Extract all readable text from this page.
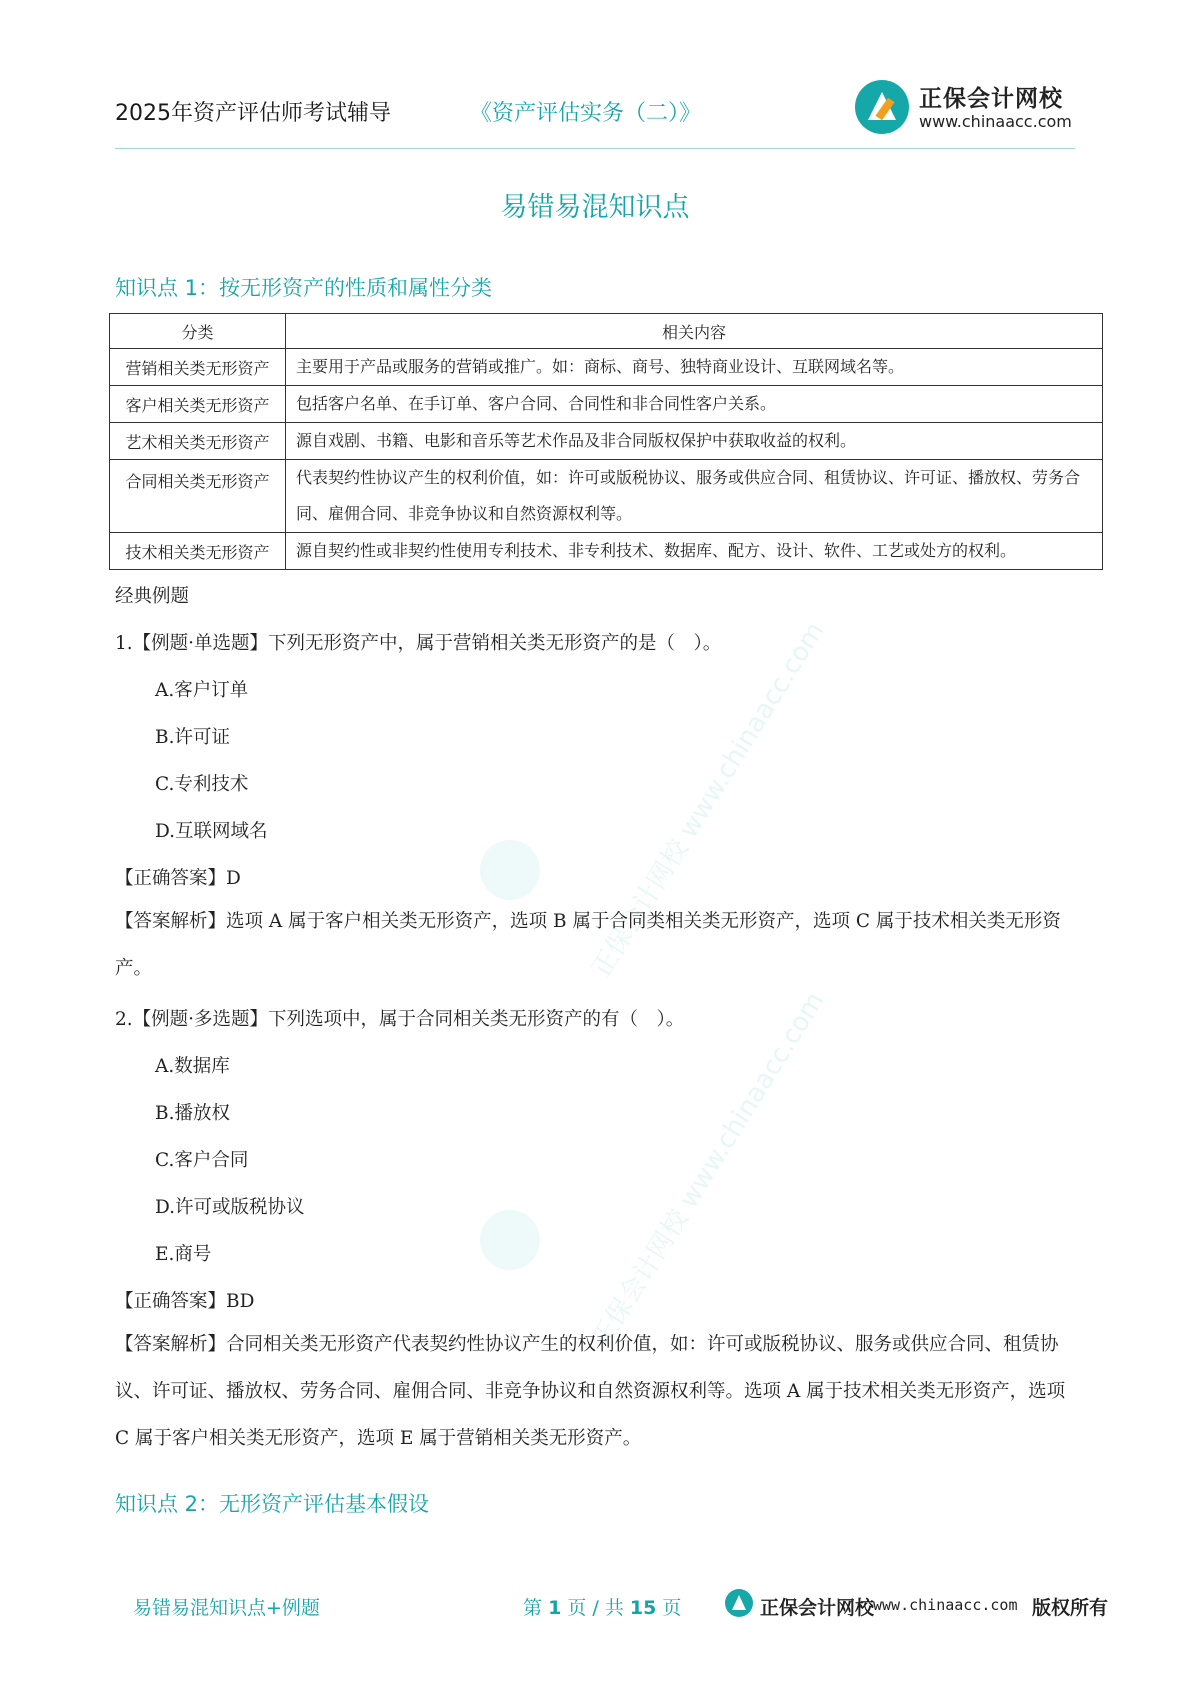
2025年资产评估师考试辅导	《资产评估实务（二）》
正保会计网校
www.chinaacc.com
正保会计网校 www.chinaacc.com
正保会计网校 www.chinaacc.com
易错易混知识点
知识点 1：按无形资产的性质和属性分类
分类	相关内容
营销相关类无形资产	主要用于产品或服务的营销或推广。如：商标、商号、独特商业设计、互联网域名等。
客户相关类无形资产	包括客户名单、在手订单、客户合同、合同性和非合同性客户关系。
艺术相关类无形资产	源自戏剧、书籍、电影和音乐等艺术作品及非合同版权保护中获取收益的权利。
合同相关类无形资产	代表契约性协议产生的权利价值，如：许可或版税协议、服务或供应合同、租赁协议、许可证、播放权、劳务合同、雇佣合同、非竞争协议和自然资源权利等。
技术相关类无形资产	源自契约性或非契约性使用专利技术、非专利技术、数据库、配方、设计、软件、工艺或处方的权利。
经典例题
1.【例题·单选题】下列无形资产中，属于营销相关类无形资产的是（　）。
A.客户订单
B.许可证
C.专利技术
D.互联网域名
【正确答案】D
【答案解析】选项 A 属于客户相关类无形资产，选项 B 属于合同类相关类无形资产，选项 C 属于技术相关类无形资产。
2.【例题·多选题】下列选项中，属于合同相关类无形资产的有（　）。
A.数据库
B.播放权
C.客户合同
D.许可或版税协议
E.商号
【正确答案】BD
【答案解析】合同相关类无形资产代表契约性协议产生的权利价值，如：许可或版税协议、服务或供应合同、租赁协议、许可证、播放权、劳务合同、雇佣合同、非竞争协议和自然资源权利等。选项 A 属于技术相关类无形资产，选项 C 属于客户相关类无形资产，选项 E 属于营销相关类无形资产。
知识点 2：无形资产评估基本假设
易错易混知识点+例题	第 1 页 / 共 15 页	正保会计网校
www.chinaacc.com 版权所有
